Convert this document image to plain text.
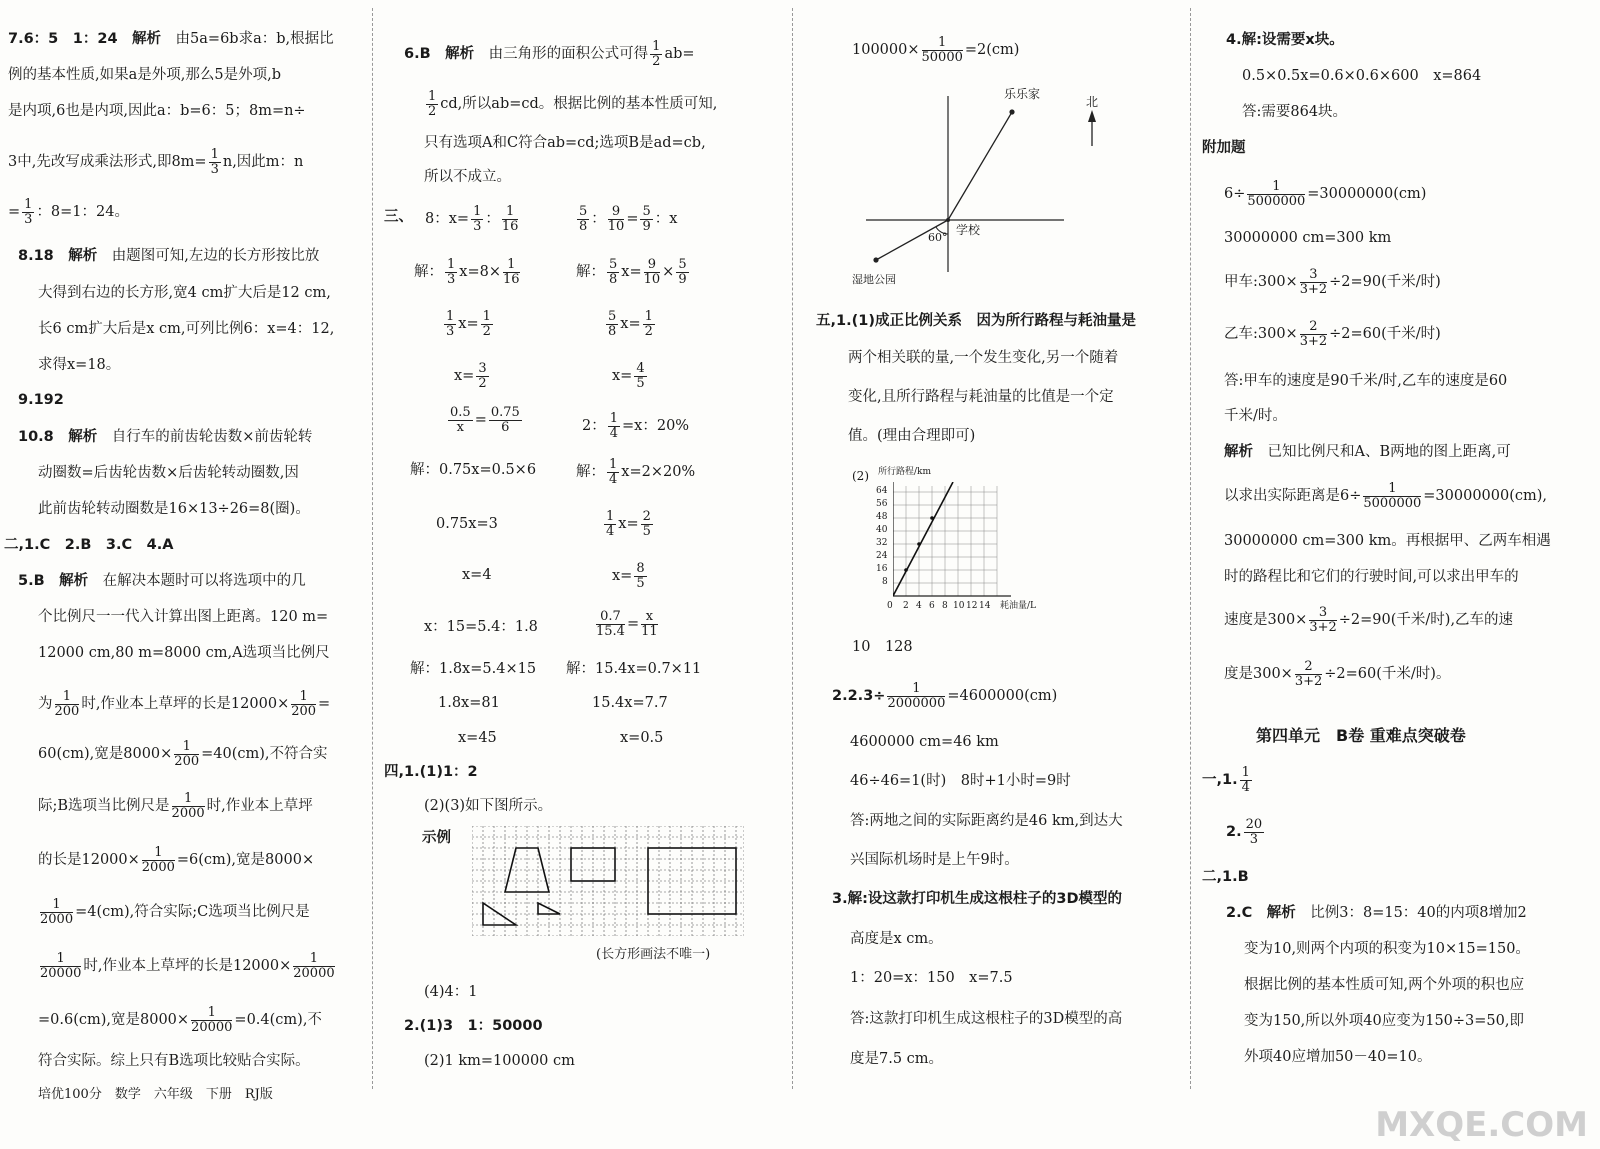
7.6：5　1：24　 解析　 由5a=6b求a：b,根据比
例的基本性质,如果a是外项,那么5是外项,b
是内项,6也是内项,因此a：b=6：5；8m=n÷
3中,先改写成乘法形式,即$8m= \frac{1}{3} n$,因此m：n
= $\frac{1}{3}$ ：8=1：24。
8.18　 解析　 由题图可知,左边的长方形按比放
大得到右边的长方形,宽4 cm扩大后是12 cm,
长6 cm扩大后是x cm,可列比例6：x=4：12,
求得x=18。
9.192
10.8　 解析　 自行车的前齿轮齿数×前齿轮转
动圈数=后齿轮齿数×后齿轮转动圈数,因
此前齿轮转动圈数是16×13÷26=8(圈)。
二,1.C　2.B　3.C　4.A
5.B　 解析　 在解决本题时可以将选项中的几
个比例尺一一代入计算出图上距离。120 m=
12000 cm,80 m=8000 cm,A选项当比例尺
为 $\frac{1}{200}$ 时,作业本上草坪的长是$12000\times \frac{1}{200}$ =
60(cm),宽是$8000\times \frac{1}{200} =40(cm)$,不符合实
际;B选项当比例尺是 $\frac{1}{2000}$ 时,作业本上草坪
的长是$12000\times \frac{1}{2000} =6(cm)$,宽是8000×
$\frac{1}{2000} =4(cm)$,符合实际;C选项当比例尺是
$\frac{1}{20000}$ 时,作业本上草坪的长是$12000\times \frac{1}{20000}$
=0.6(cm),宽是$8000\times \frac{1}{20000} =0.4(cm)$,不
符合实际。综上只有B选项比较贴合实际。
培优100分　数学　六年级　下册　RJ版
6.B　 解析　 由三角形的面积公式可得 $\frac{1}{2} ab=$
$\frac{1}{2}$ cd,所以ab=cd。根据比例的基本性质可知,
只有选项A和C符合ab=cd;选项B是ad=cb,
所以不成立。
三、 8：$x= \frac{1}{3}$ ： $\frac{1}{16}$	$\frac{5}{8}$ ： $\frac{9}{10} = \frac{5}{9}$ ：x
解： $\frac{1}{3} x=8\times \frac{1}{16}$	解： $\frac{5}{8} x= \frac{9}{10} \times \frac{5}{9}$
$\frac{1}{3} x= \frac{1}{2}$	$\frac{5}{8} x= \frac{1}{2}$
$x= \frac{3}{2}$	$x= \frac{4}{5}$
$\frac{0.5}{x} = \frac{0.75}{6}$	2： $\frac{1}{4} =x$：20%
解：0.75x=0.5×6	解： $\frac{1}{4} x=2\times 20\%$
0.75x=3	$\frac{1}{4} x= \frac{2}{5}$
x=4	$x= \frac{8}{5}$
x：15=5.4：1.8	$\frac{0.7}{15.4} = \frac{x}{11}$
解：1.8x=5.4×15 解：15.4x=0.7×11
1.8x=81	15.4x=7.7
x=45	x=0.5
四,1.(1)1：2
(2)(3)如下图所示。
示例
(长方形画法不唯一)
(4)4：1
2.(1)3　1：50000
(2)1 km=100000 cm
$100000\times \frac{1}{50000} =2(cm)$
乐乐家
北
学校
60°
湿地公园
五,1.(1)成正比例关系　因为所行路程与耗油量是
两个相关联的量,一个发生变化,另一个随着
变化,且所行路程与耗油量的比值是一个定
值。(理由合理即可)
(2) 所行路程/km
64
56
48
40
32
24
16
8
0 2 4 6 8 10 12 14 耗油量/L
10　128
$2.2.3\div \frac{1}{2000000} =4600000(cm)$
4600000 cm=46 km
46÷46=1(时)　8时+1小时=9时
答:两地之间的实际距离约是46 km,到达大
兴国际机场时是上午9时。
3.解:设这款打印机生成这根柱子的3D模型的
高度是x cm。
1：20=x：150　x=7.5
答:这款打印机生成这根柱子的3D模型的高
度是7.5 cm。
4.解:设需要x块。
0.5×0.5x=0.6×0.6×600　x=864
答:需要864块。
附加题
$6\div \frac{1}{5000000} =30000000(cm)$
30000000 cm=300 km
甲车:300× $\frac{3}{3+2} \div 2=90$(千米/时)
乙车:300× $\frac{2}{3+2} \div 2=60$(千米/时)
答:甲车的速度是90千米/时,乙车的速度是60
千米/时。
解析　 已知比例尺和A、B两地的图上距离,可
以求出实际距离是$6\div \frac{1}{5000000} =30000000(cm)$,
30000000 cm=300 km。再根据甲、乙两车相遇
时的路程比和它们的行驶时间,可以求出甲车的
速度是$300\times \frac{3}{3+2} \div 2=90$(千米/时),乙车的速
度是$300\times \frac{2}{3+2} \div 2=60$(千米/时)。
第四单元　B卷 重难点突破卷
一,1. $\frac{1}{4}$
2. $\frac{20}{3}$
二,1.B
2.C　 解析　 比例3：8=15：40的内项8增加2
变为10,则两个内项的积变为10×15=150。
根据比例的基本性质可知,两个外项的积也应
变为150,所以外项40应变为150÷3=50,即
外项40应增加50－40=10。
MXQE.COM
